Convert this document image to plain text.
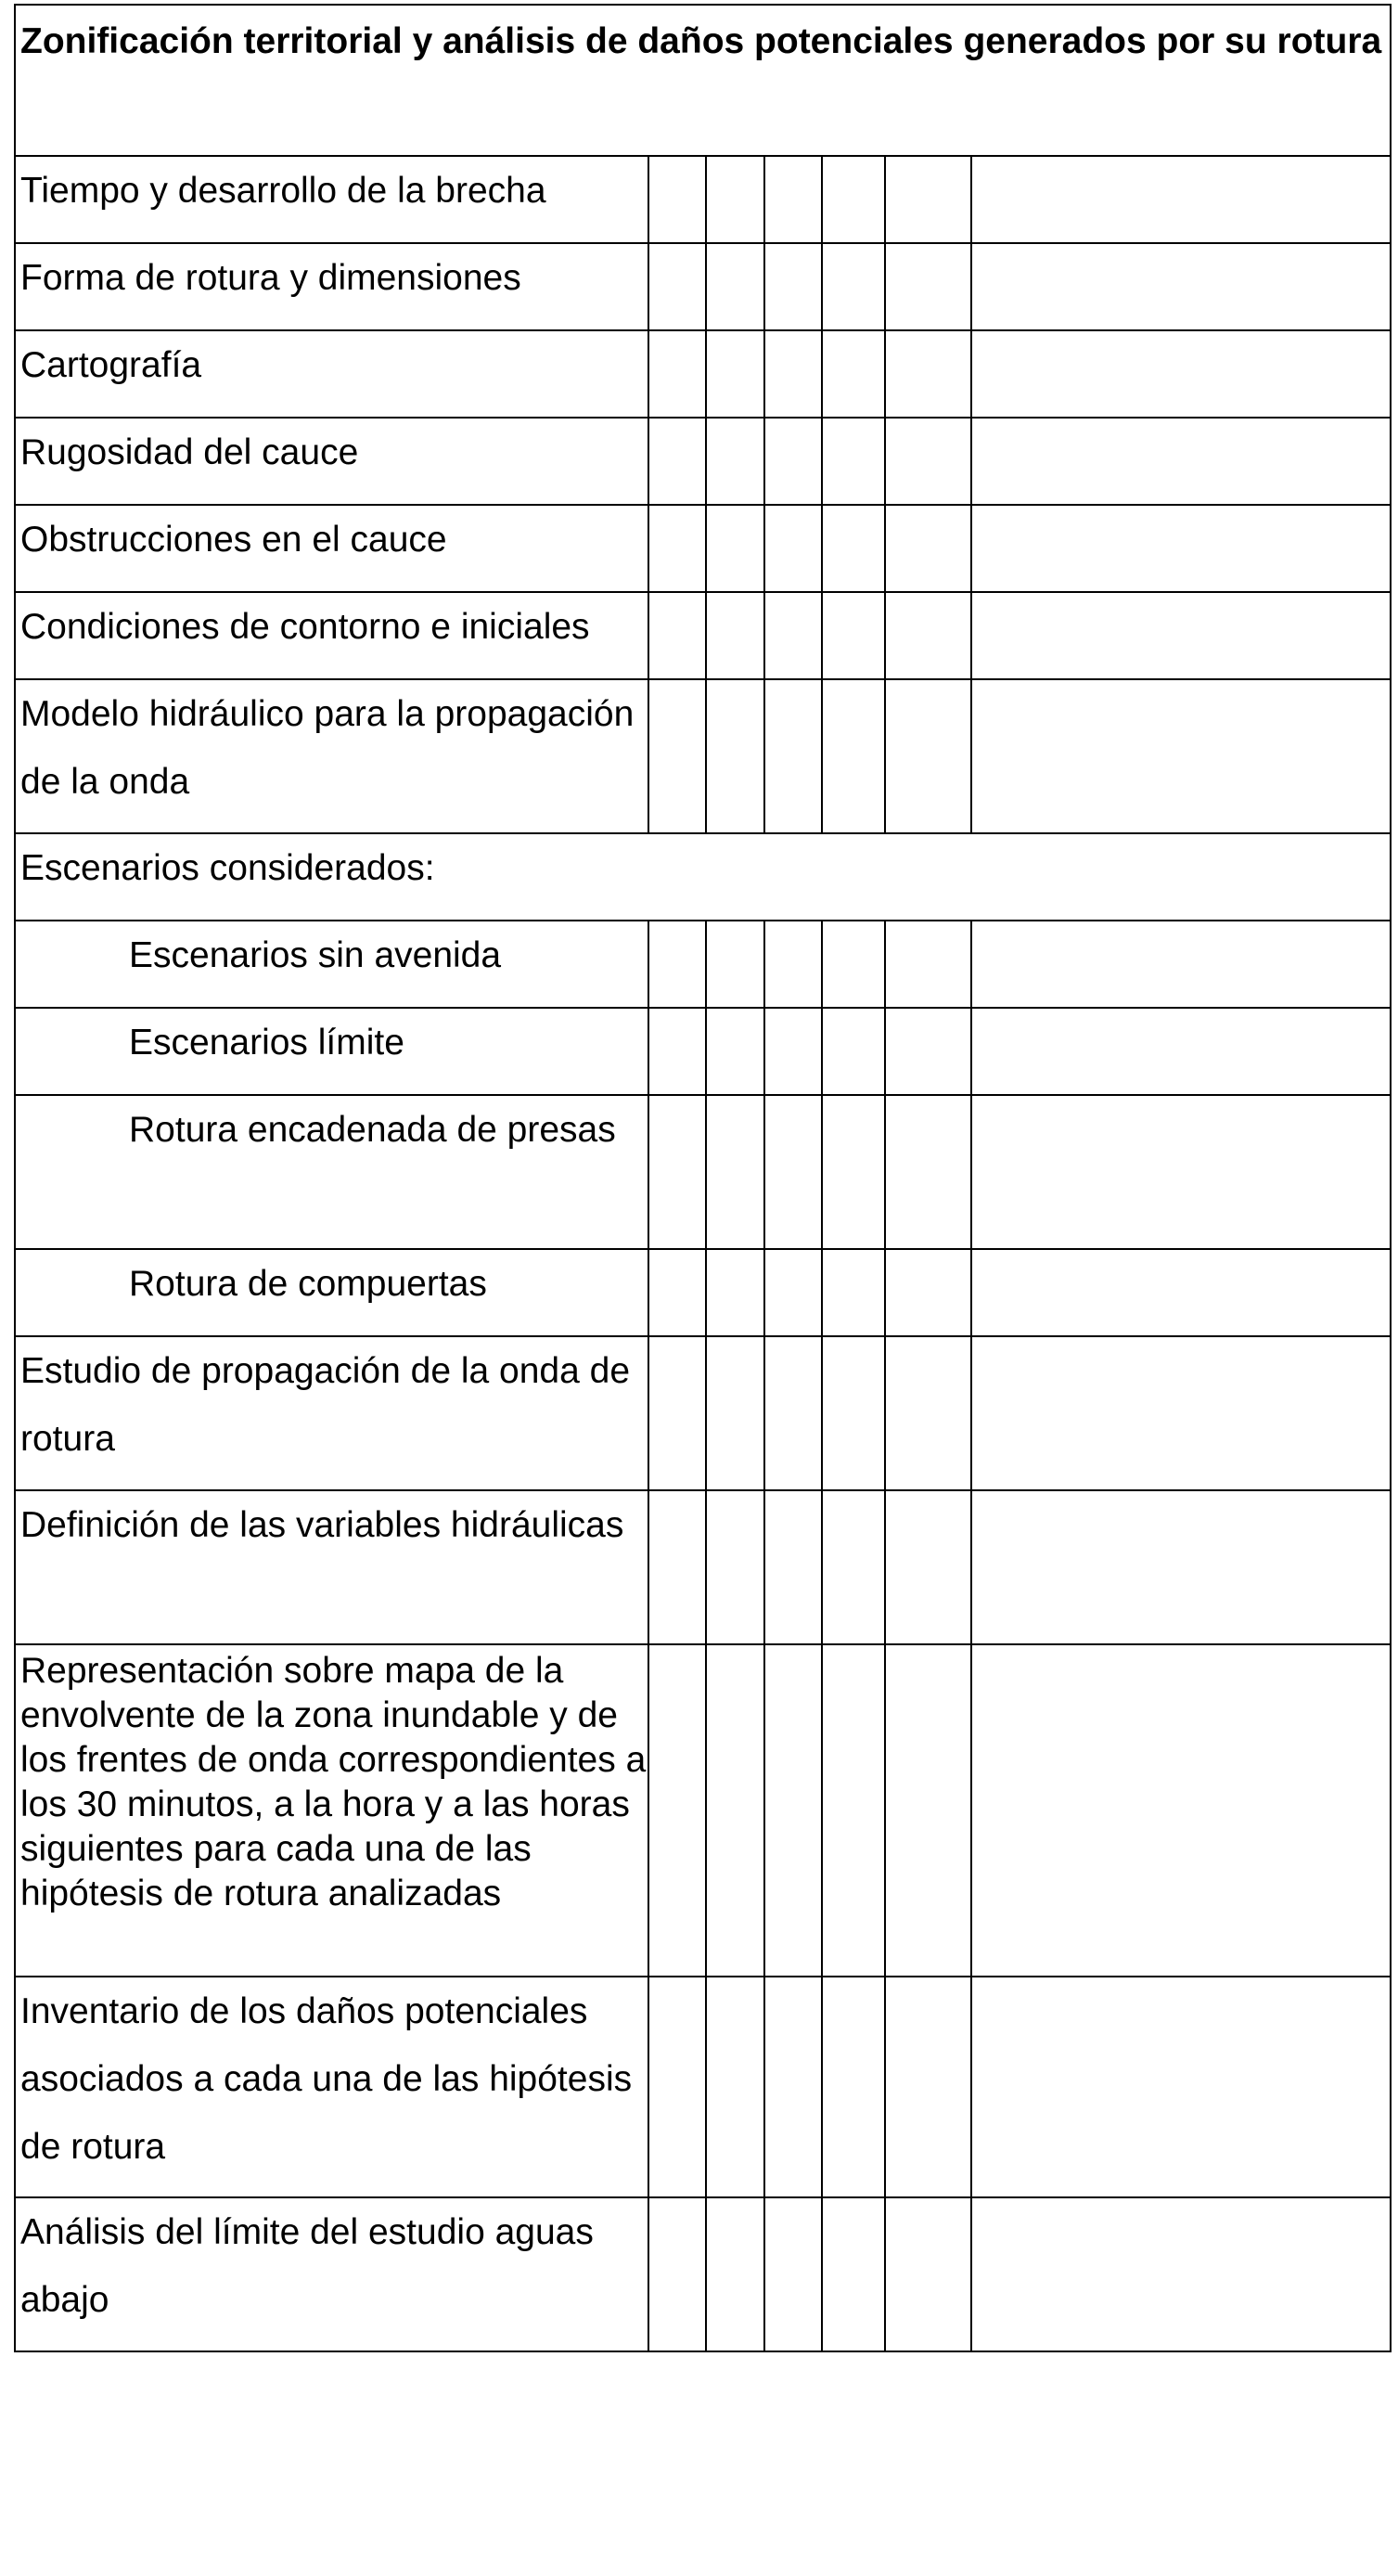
Zonificación territorial y análisis de daños potenciales generados por su rotura						
Tiempo y desarrollo de la brecha						
Forma de rotura y dimensiones						
Cartografía						
Rugosidad del cauce						
Obstrucciones en el cauce						
Condiciones de contorno e iniciales						
Modelo hidráulico para la propagación de la onda						
Escenarios considerados:						
Escenarios sin avenida						
Escenarios límite						
Rotura encadenada de presas						
Rotura de compuertas						
Estudio de propagación de la onda de rotura						
Definición de las variables hidráulicas						
Representación sobre mapa de la envolvente de la zona inundable y de los frentes de onda correspondientes a los 30 minutos, a la hora y a las horas siguientes para cada una de las hipótesis de rotura analizadas						
Inventario de los daños potenciales asociados a cada una de las hipótesis de rotura						
Análisis del límite del estudio aguas abajo						
